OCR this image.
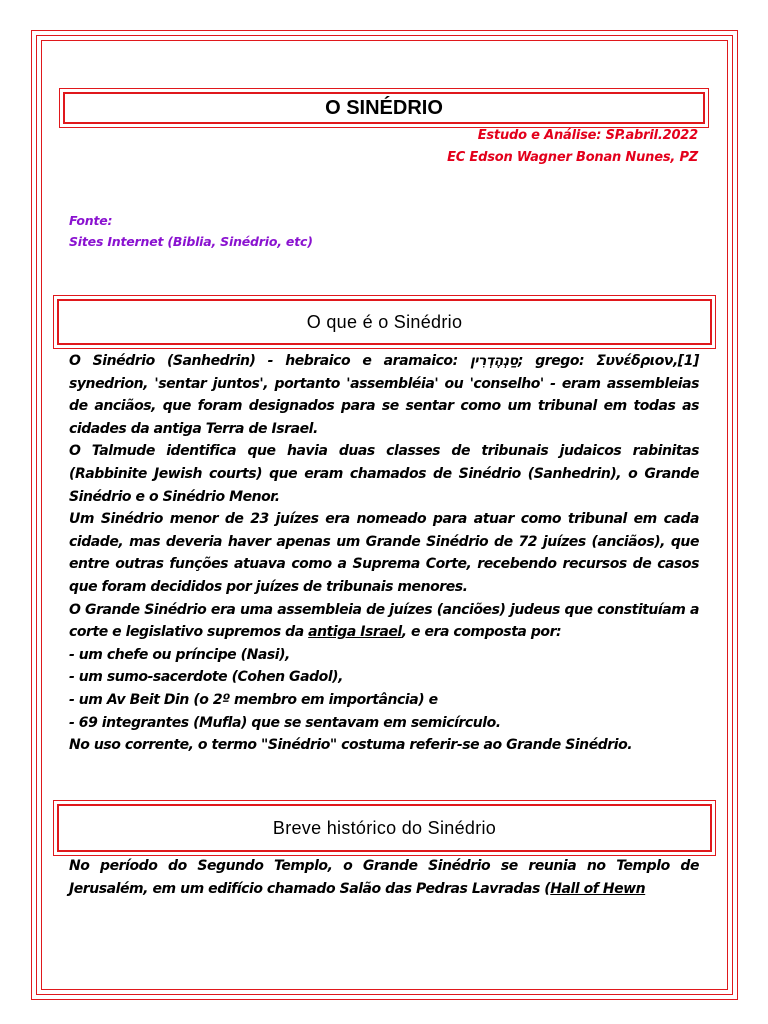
O SINÉDRIO
Estudo e Análise: SP.abril.2022
EC Edson Wagner Bonan Nunes, PZ
Fonte:
Sites Internet (Biblia, Sinédrio, etc)
O que é o Sinédrio

O Sinédrio (Sanhedrin) - hebraico e aramaico: סַנְהֶדְרִין; grego: Συνέδριον,[1] synedrion, 'sentar juntos', portanto 'assembléia' ou 'conselho' - eram assembleias de anciãos, que foram designados para se sentar como um tribunal em todas as cidades da antiga Terra de Israel.

O Talmude identifica que havia duas classes de tribunais judaicos rabinitas (Rabbinite Jewish courts) que eram chamados de Sinédrio (Sanhedrin), o Grande Sinédrio e o Sinédrio Menor.

Um Sinédrio menor de 23 juízes era nomeado para atuar como tribunal em cada cidade, mas deveria haver apenas um Grande Sinédrio de 72 juízes (anciãos), que entre outras funções atuava como a Suprema Corte, recebendo recursos de casos que foram decididos por juízes de tribunais menores.

O Grande Sinédrio era uma assembleia de juízes (anciões) judeus que constituíam a corte e legislativo supremos da antiga Israel, e era composta por:

- um chefe ou príncipe (Nasi),

- um sumo-sacerdote (Cohen Gadol),

- um Av Beit Din (o 2º membro em importância) e

- 69 integrantes (Mufla) que se sentavam em semicírculo.

No uso corrente, o termo "Sinédrio" costuma referir-se ao Grande Sinédrio.

Breve histórico do Sinédrio

No período do Segundo Templo, o Grande Sinédrio se reunia no Templo de Jerusalém, em um edifício chamado Salão das Pedras Lavradas (Hall of Hewn
